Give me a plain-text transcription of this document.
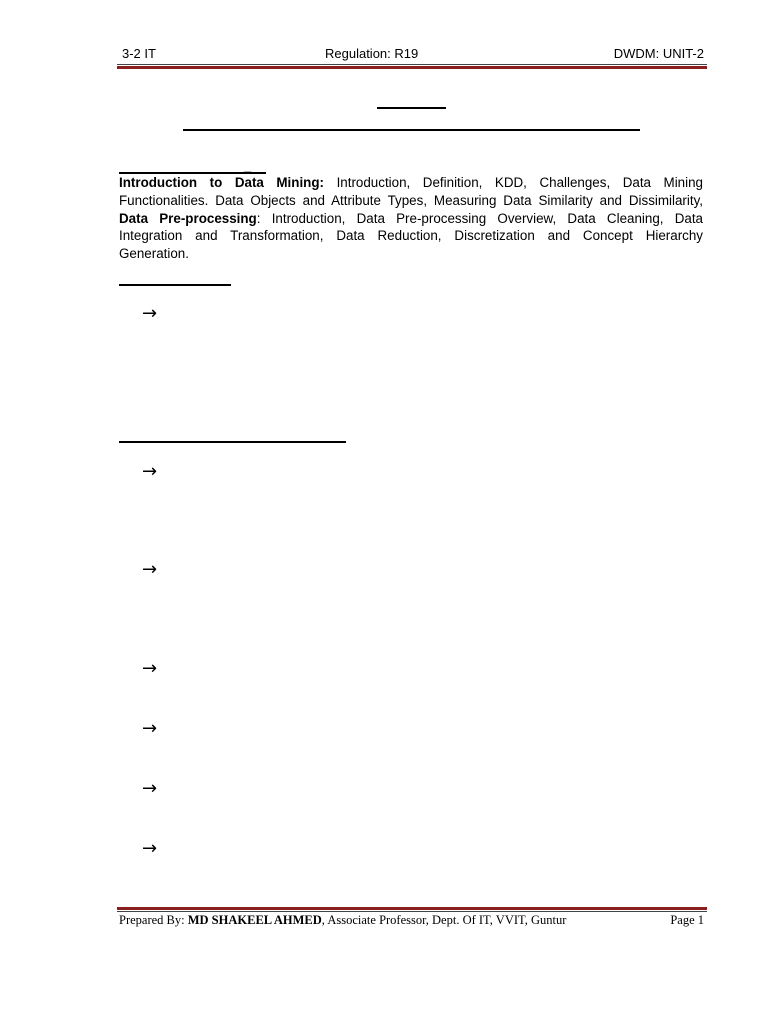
3-2 IT	Regulation: R19	DWDM: UNIT-2
_
Introduction to Data Mining: Introduction, Definition, KDD, Challenges, Data Mining Functionalities. Data Objects and Attribute Types, Measuring Data Similarity and Dissimilarity, Data Pre-processing: Introduction, Data Pre-processing Overview, Data Cleaning, Data Integration and Transformation, Data Reduction, Discretization and Concept Hierarchy Generation.
→
→
→
→
→
→
→
Prepared By: MD SHAKEEL AHMED, Associate Professor, Dept. Of IT, VVIT, Guntur	Page 1
